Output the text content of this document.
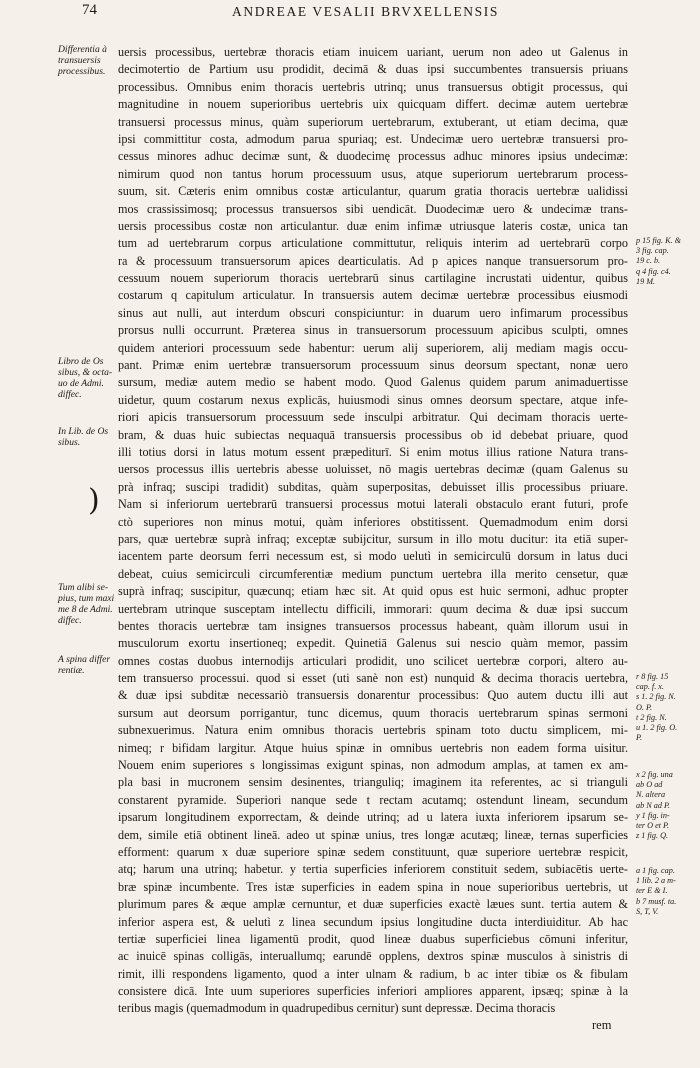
74	ANDREAE VESALII BRVXELLENSIS
Differentia à
transuersis
processibus.
Libro de Os
sibus, & octa-
uo de Admi.
diffec.
In Lib. de Os
sibus.
)
Tum alibi se-
pius, tum maxi
me 8 de Admi.
diffec.
A spina differ
rentiæ.
uersis processibus, uertebræ thoracis etiam inuicem uariant, uerum non adeo ut Galenus in
decimotertio de Partium usu prodidit, decimā & duas ipsi succumbentes transuersis priuans
processibus. Omnibus enim thoracis uertebris utrinq; unus transuersus obtigit processus, qui
magnitudine in nouem superioribus uertebris uix quicquam differt. decimæ autem uertebræ
transuersi processus minus, quàm superiorum uertebrarum, extuberant, ut etiam decima, quæ
ipsi committitur costa, admodum parua spuriaq; est. Undecimæ uero uertebræ transuersi pro-
cessus minores adhuc decimæ sunt, & duodecimę processus adhuc minores ipsius undecimæ:
nimirum quod non tantus horum processuum usus, atque superiorum uertebrarum process-
suum, sit. Cæteris enim omnibus costæ articulantur, quarum gratia thoracis uertebræ ualidissi
mos crassissimosq; processus transuersos sibi uendicāt. Duodecimæ uero & undecimæ trans-
uersis processibus costæ non articulantur. duæ enim infimæ utriusque lateris costæ, unica tan
tum ad uertebrarum corpus articulatione committutur, reliquis interim ad uertebrarū corpo
ra & processuum transuersorum apices dearticulatis. Ad p apices nanque transuersorum pro-
cessuum nouem superiorum thoracis uertebrarū sinus cartilagine incrustati uidentur, quibus
costarum q capitulum articulatur. In transuersis autem decimæ uertebræ processibus eiusmodi
sinus aut nulli, aut interdum obscuri conspiciuntur: in duarum uero infimarum processibus
prorsus nulli occurrunt. Præterea sinus in transuersorum processuum apicibus sculpti, omnes
quidem anteriori processuum sede habentur: uerum alij superiorem, alij mediam magis occu-
pant. Primæ enim uertebræ transuersorum processuum sinus deorsum spectant, nonæ uero
sursum, mediæ autem medio se habent modo. Quod Galenus quidem parum animaduertisse
uidetur, quum costarum nexus explicās, huiusmodi sinus omnes deorsum spectare, atque infe-
riori apicis transuersorum processuum sede insculpi arbitratur. Qui decimam thoracis uerte-
bram, & duas huic subiectas nequaquā transuersis processibus ob id debebat priuare, quod
illi totius dorsi in latus motum essent præpediturī. Si enim motus illius ratione Natura trans-
uersos processus illis uertebris abesse uoluisset, nō magis uertebras decimæ (quam Galenus su
prà infraq; suscipi tradidit) subditas, quàm superpositas, debuisset illis processibus priuare.
Nam si inferiorum uertebrarū transuersi processus motui laterali obstaculo erant futuri, profe
ctò superiores non minus motui, quàm inferiores obstitissent. Quemadmodum enim dorsi
pars, quæ uertebræ suprà infraq; exceptæ subijcitur, sursum in illo motu ducitur: ita etiā super-
iacentem parte deorsum ferri necessum est, si modo uelutì in semicirculū dorsum in latus duci
debeat, cuius semicirculi circumferentiæ medium punctum uertebra illa merito censetur, quæ
suprà infraq; suscipitur, quæcunq; etiam hæc sit. At quid opus est huic sermoni, adhuc propter
uertebram utrinque susceptam intellectu difficili, immorari: quum decima & duæ ipsi succum
bentes thoracis uertebræ tam insignes transuersos processus habeant, quàm illorum usui in
musculorum exortu insertioneq; expedit. Quinetiā Galenus sui nescio quàm memor, passim
omnes costas duobus internodijs articulari prodidit, uno scilicet uertebræ corpori, altero au-
tem transuerso processui. quod si esset (uti sanè non est) nunquid & decima thoracis uertebra,
& duæ ipsi subditæ necessariò transuersis donarentur processibus: Quo autem ductu illi aut
sursum aut deorsum porrigantur, tunc dicemus, quum thoracis uertebrarum spinas sermoni
subnexuerimus. Natura enim omnibus thoracis uertebris spinam toto ductu simplicem, mi-
nimeq; r bifidam largitur. Atque huius spinæ in omnibus uertebris non eadem forma uisitur.
Nouem enim superiores s longissimas exigunt spinas, non admodum amplas, at tamen ex am-
pla basi in mucronem sensim desinentes, trianguliq; imaginem ita referentes, ac si trianguli
constarent pyramide. Superiori nanque sede t rectam acutamq; ostendunt lineam, secundum
ipsarum longitudinem exporrectam, & deinde utrinq; ad u latera iuxta inferiorem ipsarum se-
dem, simile etiā obtinent lineā. adeo ut spinæ unius, tres longæ acutæq; lineæ, ternas superficies
efforment: quarum x duæ superiore spinæ sedem constituunt, quæ superiore uertebræ respicit,
atq; harum una utrinq; habetur. y tertia superficies inferiorem constituit sedem, subiacētis uerte-
bræ spinæ incumbente. Tres istæ superficies in eadem spina in noue superioribus uertebris, ut
plurimum pares & æque amplæ cernuntur, et duæ superficies exactè læues sunt. tertia autem &
inferior aspera est, & uelutì z linea secundum ipsius longitudine ducta interdiuiditur. Ab hac
tertiæ superficiei linea ligamentū prodit, quod lineæ duabus superficiebus cōmuni inferitur,
ac inuicē spinas colligās, interuallumq; earundē opplens, dextros spinæ musculos à sinistris di
rimit, illi respondens ligamento, quod a inter ulnam & radium, b ac inter tibiæ os & fibulam
consistere dicā. Inte uum superiores superficies inferiori ampliores apparent, ipsæq; spinæ à la
teribus magis (quemadmodum in quadrupedibus cernitur) sunt depressæ. Decima thoracis
p 15 fig. K. &
3 fig. cap.
19 c. b.
q 4 fig. c4.
19 M.
r 8 fig. 15
cap. f. x.
s 1. 2 fig. N.
O. P.
t 2 fig. N.
u 1. 2 fig. O.
P.
x 2 fig. una
ab O ad
N. altera
ab N ad P.
y 1 fig. in-
ter O et P.
z 1 fig. Q.
a 1 fig. cap.
1 lib. 2 a m-
ter E & I.
b 7 musf. ta.
S, T, V.
rem
